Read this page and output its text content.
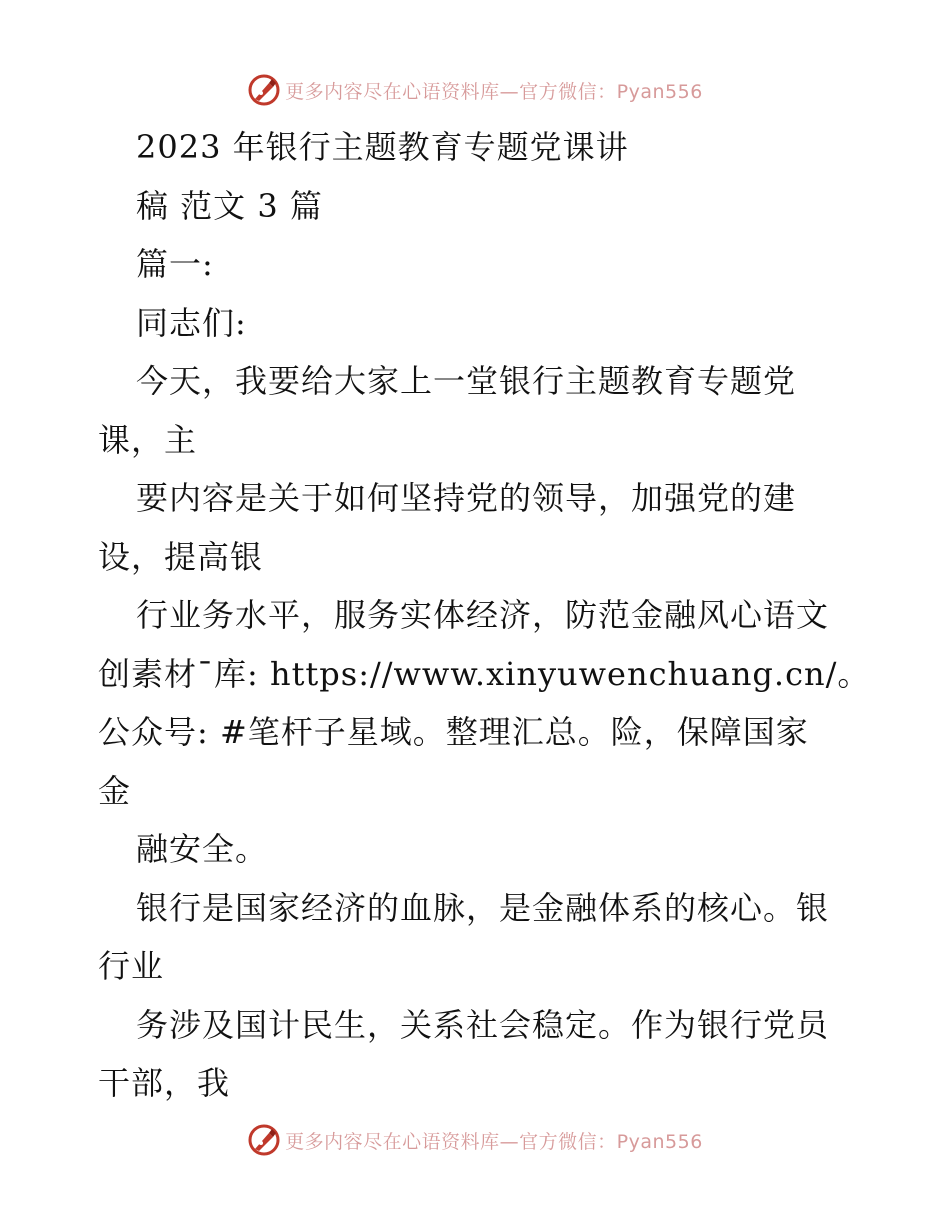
更多内容尽在心语资料库—官方微信：Pyan556
2023 年银行主题教育专题党课讲
稿 范文 3 篇
篇一:
同志们:
今天，我要给大家上一堂银行主题教育专题党
课，主
要内容是关于如何坚持党的领导，加强党的建
设，提高银
行业务水平，服务实体经济，防范金融风心语文
创素材¯库: https://www.xinyuwenchuang.cn/。
公众号: #笔杆子星域。整理汇总。险，保障国家
金
融安全。
银行是国家经济的血脉，是金融体系的核心。银
行业
务涉及国计民生，关系社会稳定。作为银行党员
干部，我
更多内容尽在心语资料库—官方微信：Pyan556
